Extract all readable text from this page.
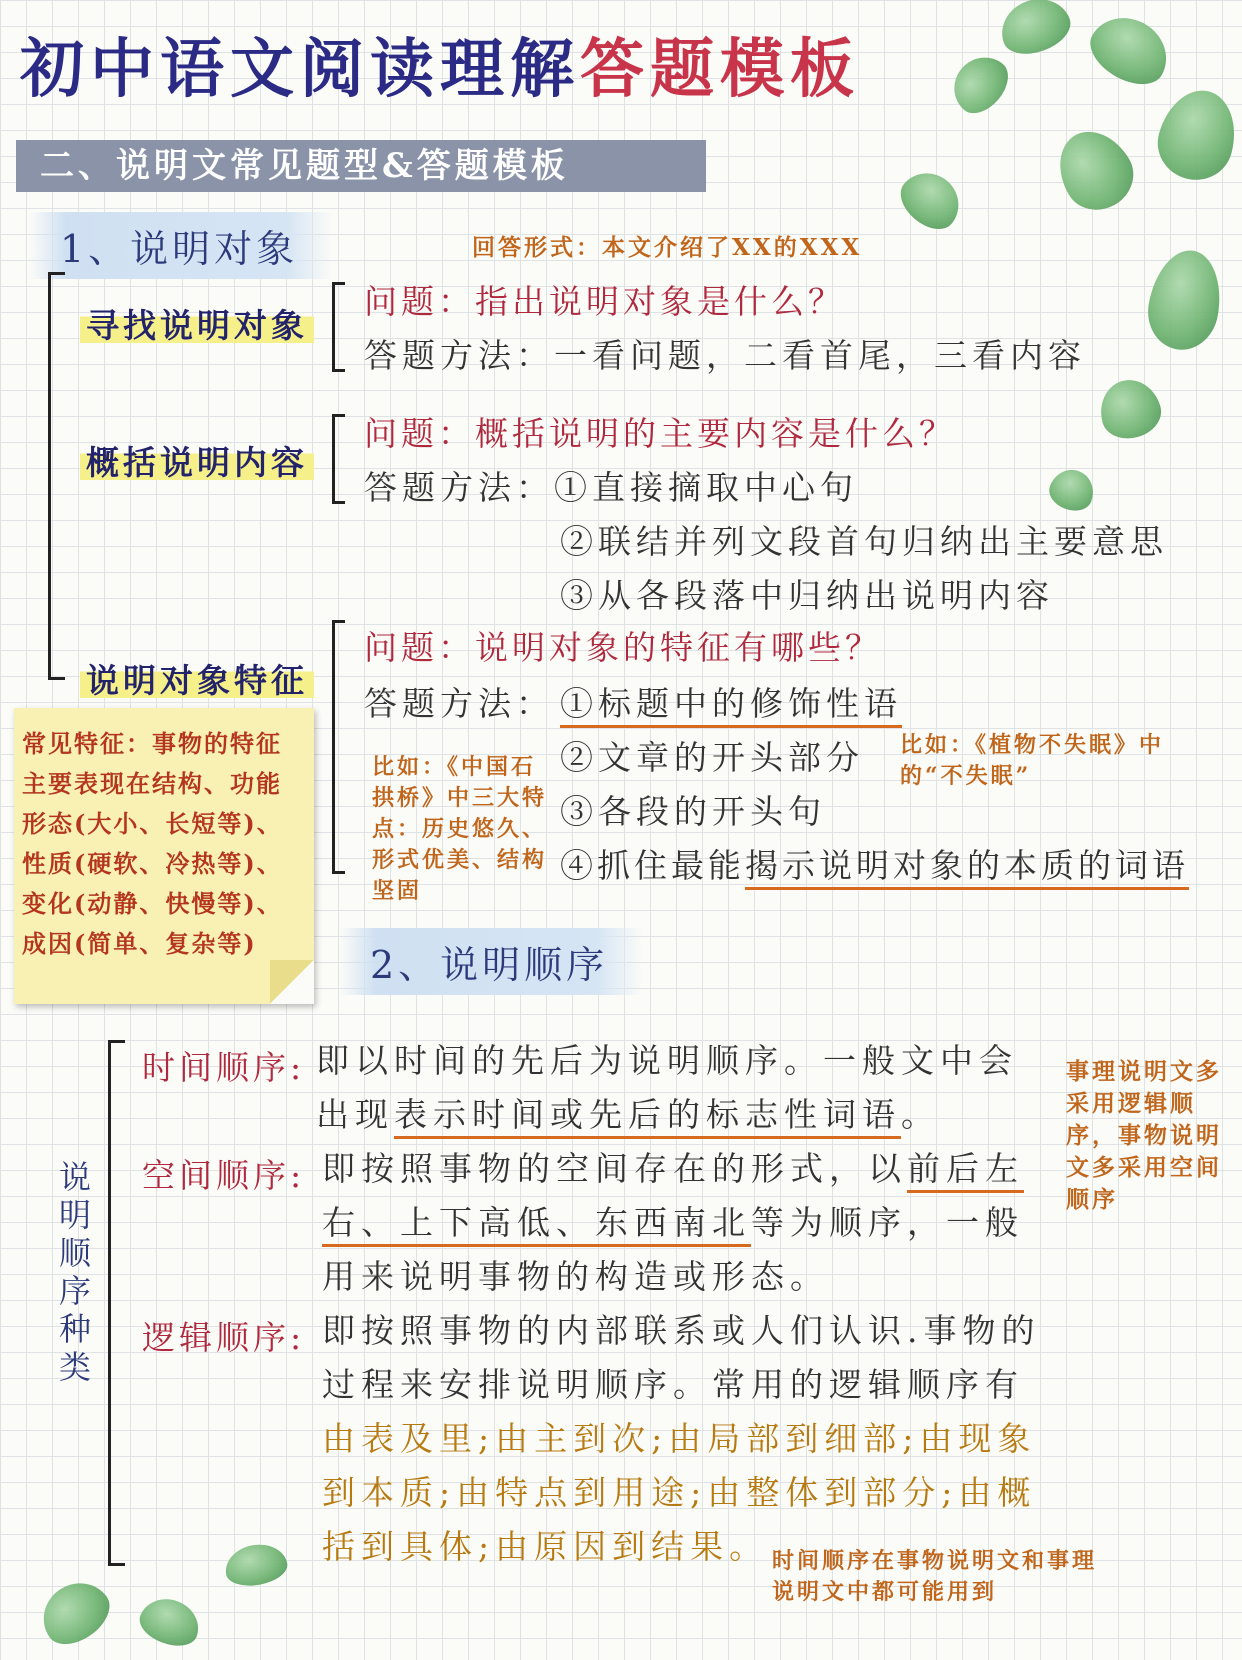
初中语文阅读理解答题模板
二、说明文常见题型&答题模板
1、说明对象	回答形式：本文介绍了XX的XXX
寻找说明对象
问题：指出说明对象是什么？
答题方法：一看问题，二看首尾，三看内容
概括说明内容
问题：概括说明的主要内容是什么？
答题方法：①直接摘取中心句
②联结并列文段首句归纳出主要意思
③从各段落中归纳出说明内容
说明对象特征
问题：说明对象的特征有哪些？
答题方法： ①标题中的修饰性语
②文章的开头部分
③各段的开头句
④抓住最能揭示说明对象的本质的词语
比如：《中国石拱桥》中三大特点：历史悠久、形式优美、结构坚固
比如：《植物不失眠》中的“不失眠”
常见特征：事物的特征主要表现在结构、功能形态(大小、长短等)、性质(硬软、冷热等)、变化(动静、快慢等)、成因(简单、复杂等)	2、说明顺序
说明顺序种类
时间顺序: 即以时间的先后为说明顺序。一般文中会
出现表示时间或先后的标志性词语。
空间顺序: 即按照事物的空间存在的形式，以前后左
右、上下高低、东西南北等为顺序，一般
用来说明事物的构造或形态。
逻辑顺序: 即按照事物的内部联系或人们认识.事物的
过程来安排说明顺序。常用的逻辑顺序有
由表及里;由主到次;由局部到细部;由现象
到本质;由特点到用途;由整体到部分;由概
括到具体;由原因到结果。
事理说明文多采用逻辑顺序，事物说明文多采用空间顺序
时间顺序在事物说明文和事理说明文中都可能用到
